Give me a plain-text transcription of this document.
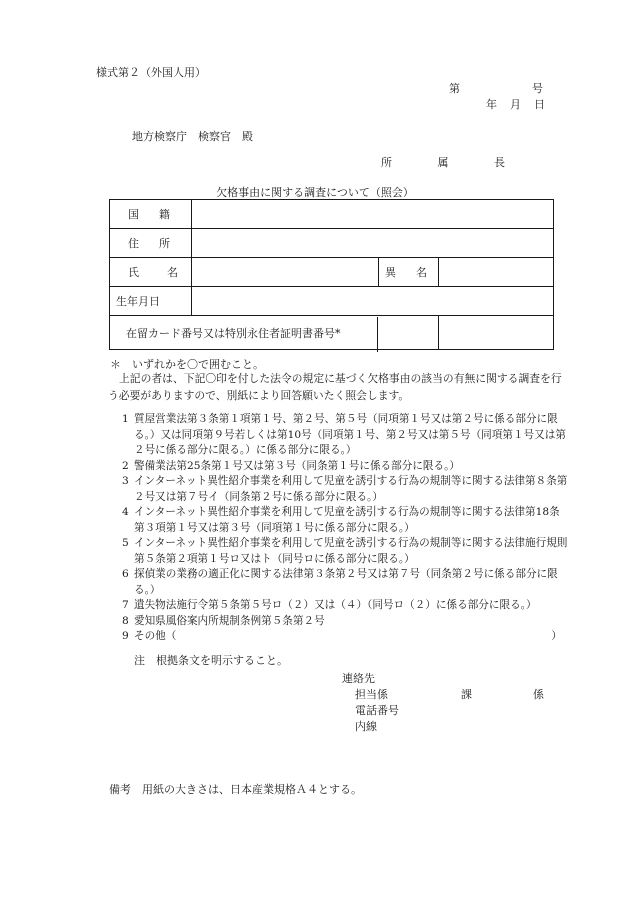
様式第２（外国人用）
第	号
年 月 日
地方検察庁　検察官　殿
所	属	長
欠格事由に関する調査について（照会）
国籍			

住所			

氏名		異名	

生年月日			

在留カード番号又は特別永住者証明書番号*			

＊　いずれかを〇で囲むこと。
上記の者は、下記〇印を付した法令の規定に基づく欠格事由の該当の有無に関する調査を行う必要がありますので、別紙により回答願いたく照会します。
1 質屋営業法第３条第１項第１号、第２号、第５号（同項第１号又は第２号に係る部分に限る。）又は同項第９号若しくは第10号（同項第１号、第２号又は第５号（同項第１号又は第２号に係る部分に限る。）に係る部分に限る。）
2 警備業法第25条第１号又は第３号（同条第１号に係る部分に限る。）
3 インターネット異性紹介事業を利用して児童を誘引する行為の規制等に関する法律第８条第２号又は第７号イ（同条第２号に係る部分に限る。）
4 インターネット異性紹介事業を利用して児童を誘引する行為の規制等に関する法律第18条第３項第１号又は第３号（同項第１号に係る部分に限る。）
5 インターネット異性紹介事業を利用して児童を誘引する行為の規制等に関する法律施行規則第５条第２項第１号ロ又はト（同号ロに係る部分に限る。）
6 探偵業の業務の適正化に関する法律第３条第２号又は第７号（同条第２号に係る部分に限る。）
7 遺失物法施行令第５条第５号ロ（２）又は（４）（同号ロ（２）に係る部分に限る。）
8 愛知県風俗案内所規制条例第５条第２号
9 その他（	）
注　根拠条文を明示すること。
連絡先
担当係	課	係
電話番号
内線
備考　用紙の大きさは、日本産業規格Ａ４とする。
